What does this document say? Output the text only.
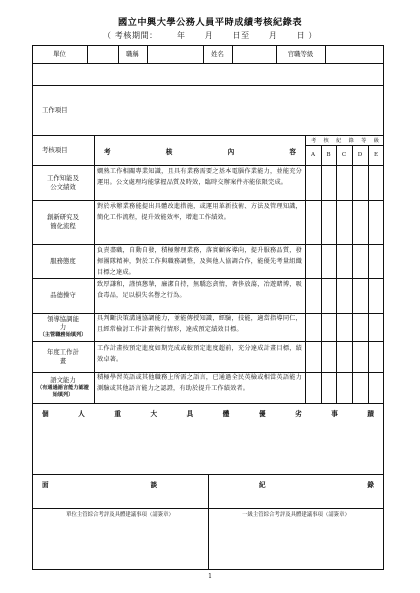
國立中興大學公務人員平時成績考核紀錄表
（ 考核期間： 年 月 日至 月 日 ）
單位	職稱	姓名	官職等級
工作項目
考核項目	考	核	內	容
考 核 紀 錄 等 級
A	B	C	D	E
工作知能及公文績效
嫻熟工作相關專業知識，且具有業務需要之基本電腦作業能力，並能充分運用。公文處理均能掌握品質及時效，臨時交辦案件亦能依限完成。
創新研究及簡化流程
對於承辦業務能提出具體改進措施，或運用革新技術、方法及管理知識，簡化工作流程，提升效能效率，增進工作績效。
服務態度
負責盡職，自動自發，積極辦理業務，落實顧客導向，提升服務品質，發揮團隊精神，對於工作與職務調整，及與他人協調合作，能優先考量組織目標之達成。
品德操守
致厚謙和，謹慎懇摯，廉潔自持，無驕恣貪惰，奢侈放蕩，冶遊賭博，吸食毒品，足以損失名譽之行為。
領導協調能力
（主管職務始填列）
具判斷決策溝通協調能力，並能傳授知識，經驗，技能，適當指導同仁，且經常檢討工作計畫執行情形，達成預定績效目標。
年度工作計畫
工作計畫按預定進度如期完成或較預定進度超前，充分達成計畫目標，績效卓著。
語文能力
（有通過語言能力認證始填列）
積極學習英語或其他職務上所需之語言，已通過全民英檢或相當英語能力測驗或其他語言能力之認證，有助於提升工作績效者。
個	人	重	大	具	體	優	劣	事	蹟
面	談	紀	錄
單位主管綜合考評及具體建議事項（請簽章）	一級主管綜合考評及具體建議事項（請簽章）
1
